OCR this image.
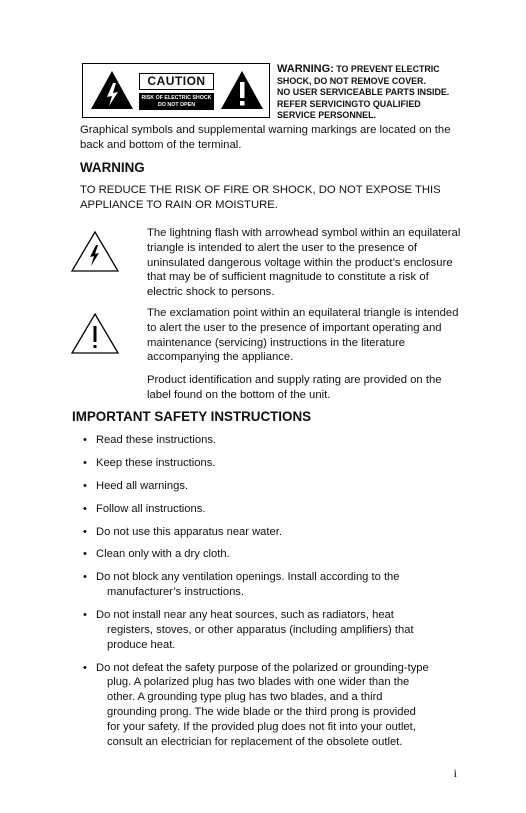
CAUTION
RISK OF ELECTRIC SHOCK
DO NOT OPEN
WARNING: TO PREVENT ELECTRIC
SHOCK, DO NOT REMOVE COVER.
NO USER SERVICEABLE PARTS INSIDE.
REFER SERVICINGTO QUALIFIED
SERVICE PERSONNEL.
Graphical symbols and supplemental warning markings are located on the
back and bottom of the terminal.
WARNING
TO REDUCE THE RISK OF FIRE OR SHOCK, DO NOT EXPOSE THIS
APPLIANCE TO RAIN OR MOISTURE.
The lightning flash with arrowhead symbol within an equilateral
triangle is intended to alert the user to the presence of
uninsulated dangerous voltage within the product’s enclosure
that may be of sufficient magnitude to constitute a risk of
electric shock to persons.
The exclamation point within an equilateral triangle is intended
to alert the user to the presence of important operating and
maintenance (servicing) instructions in the literature
accompanying the appliance.
Product identification and supply rating are provided on the
label found on the bottom of the unit.
IMPORTANT SAFETY INSTRUCTIONS
• Read these instructions.
• Keep these instructions.
• Heed all warnings.
• Follow all instructions.
• Do not use this apparatus near water.
• Clean only with a dry cloth.
• Do not block any ventilation openings. Install according to the
manufacturer’s instructions.
• Do not install near any heat sources, such as radiators, heat
registers, stoves, or other apparatus (including amplifiers) that
produce heat.
• Do not defeat the safety purpose of the polarized or grounding-type
plug. A polarized plug has two blades with one wider than the
other. A grounding type plug has two blades, and a third
grounding prong. The wide blade or the third prong is provided
for your safety. If the provided plug does not fit into your outlet,
consult an electrician for replacement of the obsolete outlet.
i
